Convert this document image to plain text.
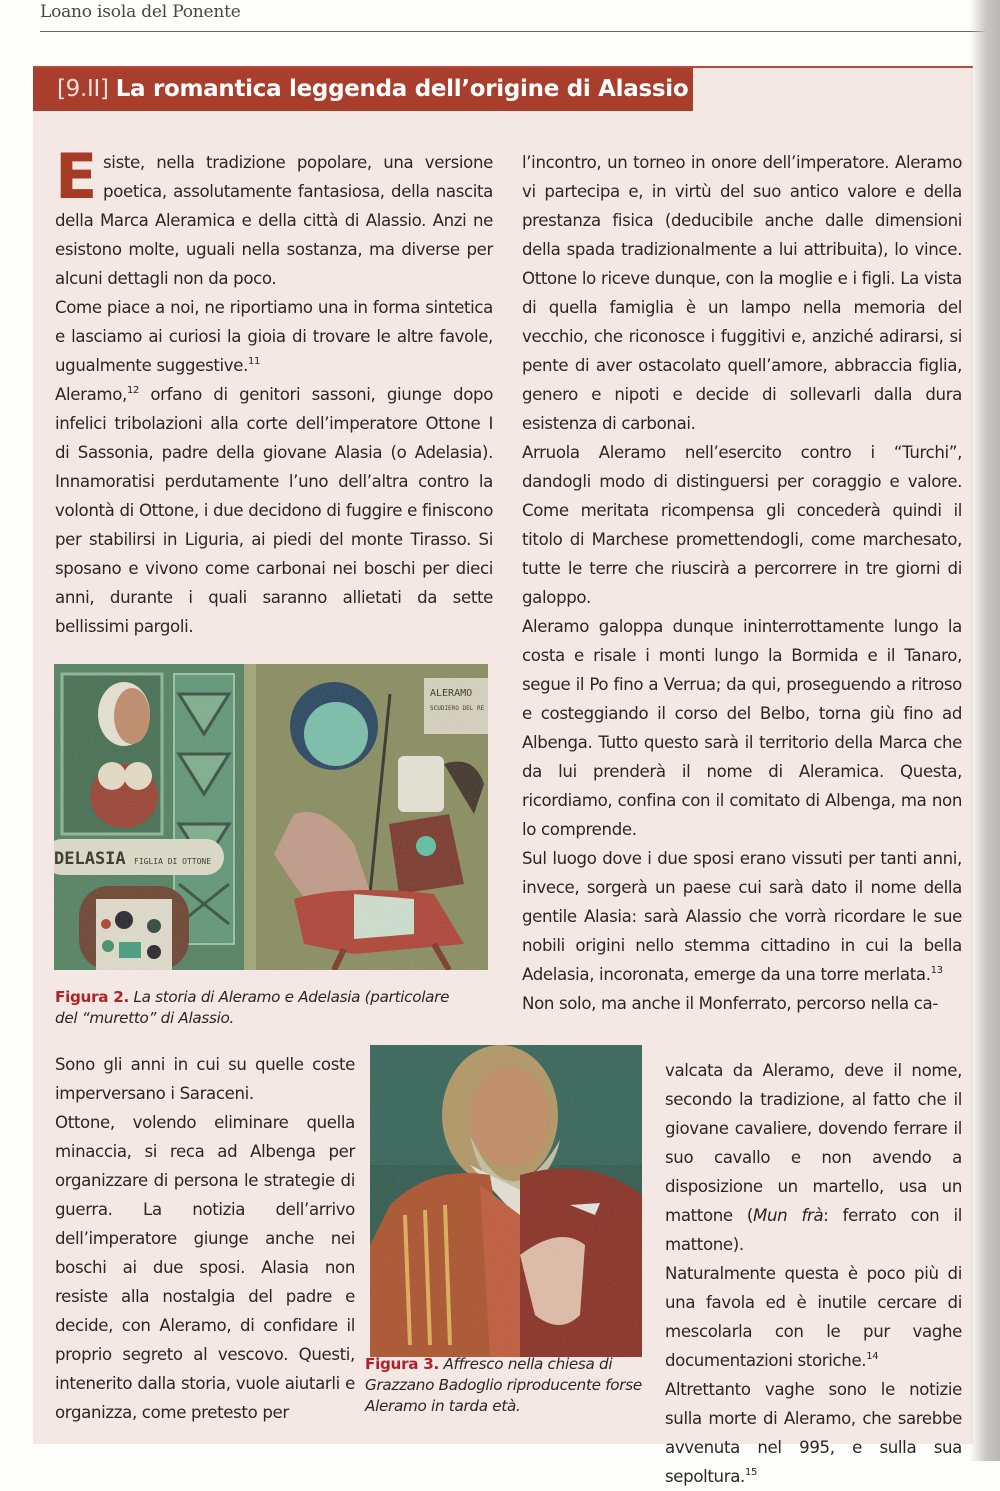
Loano isola del Ponente
[9.II] La romantica leggenda dell’origine di Alassio

Esiste, nella tradizione popolare, una versione poetica, assolutamente fantasiosa, della nascita della Marca Aleramica e della città di Alassio. Anzi ne esistono molte, uguali nella sostanza, ma diverse per alcuni dettagli non da poco.

Come piace a noi, ne riportiamo una in forma sintetica e lasciamo ai curiosi la gioia di trovare le altre favole, ugualmente suggestive.$^{11}$

Aleramo,$^{12}$ orfano di genitori sassoni, giunge dopo infelici tribolazioni alla corte dell’imperatore Ottone I di Sassonia, padre della giovane Alasia (o Adelasia). Innamoratisi perdutamente l’uno dell’altra contro la volontà di Ottone, i due decidono di fuggire e finiscono per stabilirsi in Liguria, ai piedi del monte Tirasso. Si sposano e vivono come carbonai nei boschi per dieci anni, durante i quali saranno allietati da sette bellissimi pargoli.

Figura 2. La storia di Aleramo e Adelasia (particolare del “muretto” di Alassio.

Sono gli anni in cui su quelle coste imperversano i Saraceni.

Ottone, volendo eliminare quella minaccia, si reca ad Albenga per organizzare di persona le strategie di guerra. La notizia dell’arrivo dell’imperatore giunge anche nei boschi ai due sposi. Alasia non resiste alla nostalgia del padre e decide, con Aleramo, di confidare il proprio segreto al vescovo. Questi, intenerito dalla storia, vuole aiutarli e organizza, come pretesto per

Figura 3. Affresco nella chiesa di Grazzano Badoglio riproducente forse Aleramo in tarda età.

l’incontro, un torneo in onore dell’imperatore. Aleramo vi partecipa e, in virtù del suo antico valore e della prestanza fisica (deducibile anche dalle dimensioni della spada tradizionalmente a lui attribuita), lo vince. Ottone lo riceve dunque, con la moglie e i figli. La vista di quella famiglia è un lampo nella memoria del vecchio, che riconosce i fuggitivi e, anziché adirarsi, si pente di aver ostacolato quell’amore, abbraccia figlia, genero e nipoti e decide di sollevarli dalla dura esistenza di carbonai.

Arruola Aleramo nell’esercito contro i “Turchi”, dandogli modo di distinguersi per coraggio e valore. Come meritata ricompensa gli concederà quindi il titolo di Marchese promettendogli, come marchesato, tutte le terre che riuscirà a percorrere in tre giorni di galoppo.

Aleramo galoppa dunque ininterrottamente lungo la costa e risale i monti lungo la Bormida e il Tanaro, segue il Po fino a Verrua; da qui, proseguendo a ritroso e costeggiando il corso del Belbo, torna giù fino ad Albenga. Tutto questo sarà il territorio della Marca che da lui prenderà il nome di Aleramica. Questa, ricordiamo, confina con il comitato di Albenga, ma non lo comprende.

Sul luogo dove i due sposi erano vissuti per tanti anni, invece, sorgerà un paese cui sarà dato il nome della gentile Alasia: sarà Alassio che vorrà ricordare le sue nobili origini nello stemma cittadino in cui la bella Adelasia, incoronata, emerge da una torre merlata.$^{13}$

Non solo, ma anche il Monferrato, percorso nella ca-

valcata da Aleramo, deve il nome, secondo la tradizione, al fatto che il giovane cavaliere, dovendo ferrare il suo cavallo e non avendo a disposizione un martello, usa un mattone (Mun frà: ferrato con il mattone).

Naturalmente questa è poco più di una favola ed è inutile cercare di mescolarla con le pur vaghe documentazioni storiche.$^{14}$

Altrettanto vaghe sono le notizie sulla morte di Aleramo, che sarebbe avvenuta nel 995, e sulla sua sepoltura.$^{15}$
